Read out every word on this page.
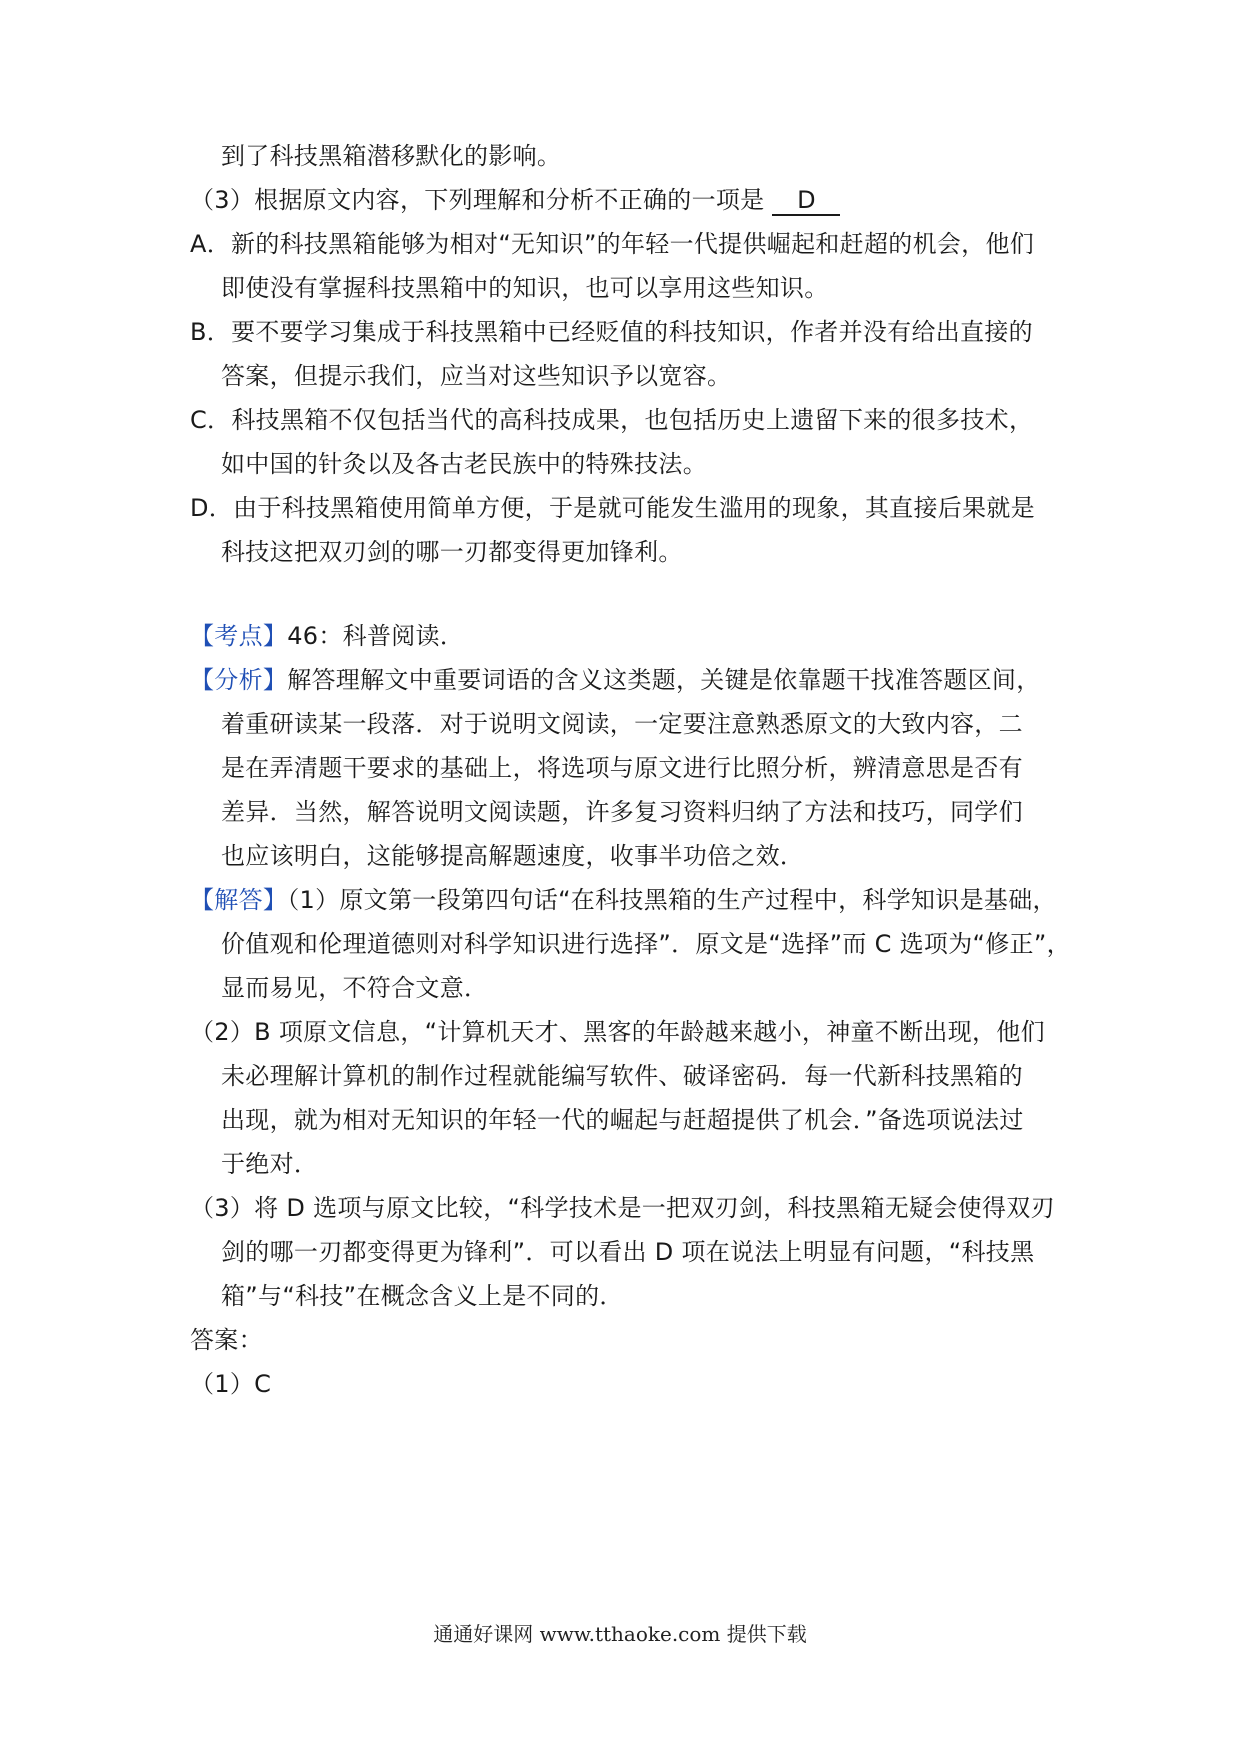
到了科技黑箱潜移默化的影响。
（3）根据原文内容，下列理解和分析不正确的一项是 D
A．新的科技黑箱能够为相对“无知识”的年轻一代提供崛起和赶超的机会，他们
即使没有掌握科技黑箱中的知识，也可以享用这些知识。
B．要不要学习集成于科技黑箱中已经贬值的科技知识，作者并没有给出直接的
答案，但提示我们，应当对这些知识予以宽容。
C．科技黑箱不仅包括当代的高科技成果，也包括历史上遗留下来的很多技术，
如中国的针灸以及各古老民族中的特殊技法。
D．由于科技黑箱使用简单方便，于是就可能发生滥用的现象，其直接后果就是
科技这把双刃剑的哪一刃都变得更加锋利。
【考点】46：科普阅读．
【分析】解答理解文中重要词语的含义这类题，关键是依靠题干找准答题区间，
着重研读某一段落．对于说明文阅读，一定要注意熟悉原文的大致内容，二
是在弄清题干要求的基础上，将选项与原文进行比照分析，辨清意思是否有
差异．当然，解答说明文阅读题，许多复习资料归纳了方法和技巧，同学们
也应该明白，这能够提高解题速度，收事半功倍之效．
【解答】（1）原文第一段第四句话“在科技黑箱的生产过程中，科学知识是基础，
价值观和伦理道德则对科学知识进行选择”．原文是“选择”而 C 选项为“修正”，
显而易见，不符合文意．
（2）B 项原文信息，“计算机天才、黑客的年龄越来越小，神童不断出现，他们
未必理解计算机的制作过程就能编写软件、破译密码．每一代新科技黑箱的
出现，就为相对无知识的年轻一代的崛起与赶超提供了机会．”备选项说法过
于绝对．
（3）将 D 选项与原文比较，“科学技术是一把双刃剑，科技黑箱无疑会使得双刃
剑的哪一刃都变得更为锋利”．可以看出 D 项在说法上明显有问题，“科技黑
箱”与“科技”在概念含义上是不同的．
答案：
（1）C
通通好课网 www.tthaoke.com 提供下载
